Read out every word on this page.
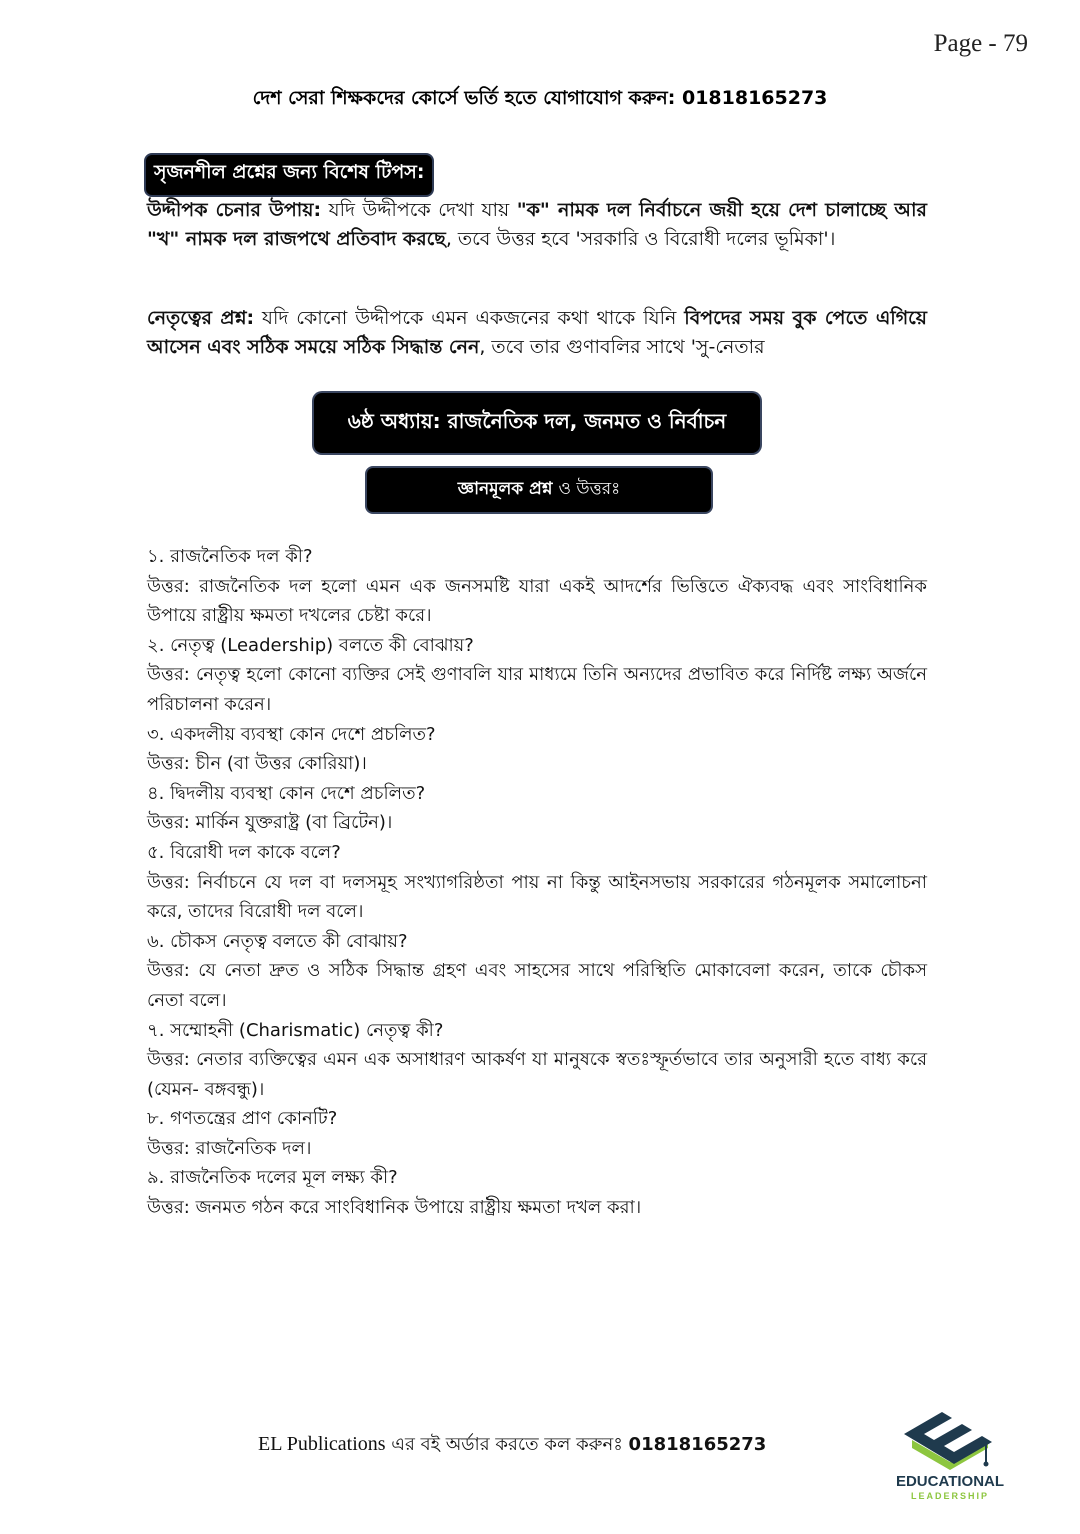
Page - 79
দেশ সেরা শিক্ষকদের কোর্সে ভর্তি হতে যোগাযোগ করুন: 01818165273
সৃজনশীল প্রশ্নের জন্য বিশেষ টিপস:
উদ্দীপক চেনার উপায়: যদি উদ্দীপকে দেখা যায় "ক" নামক দল নির্বাচনে জয়ী হয়ে দেশ চালাচ্ছে আর "খ" নামক দল রাজপথে প্রতিবাদ করছে, তবে উত্তর হবে 'সরকারি ও বিরোধী দলের ভূমিকা'।
নেতৃত্বের প্রশ্ন: যদি কোনো উদ্দীপকে এমন একজনের কথা থাকে যিনি বিপদের সময় বুক পেতে এগিয়ে আসেন এবং সঠিক সময়ে সঠিক সিদ্ধান্ত নেন, তবে তার গুণাবলির সাথে 'সু-নেতার
৬ষ্ঠ অধ্যায়: রাজনৈতিক দল, জনমত ও নির্বাচন
জ্ঞানমূলক প্রশ্ন ও উত্তরঃ
১. রাজনৈতিক দল কী?
উত্তর: রাজনৈতিক দল হলো এমন এক জনসমষ্টি যারা একই আদর্শের ভিত্তিতে ঐক্যবদ্ধ এবং সাংবিধানিক উপায়ে রাষ্ট্রীয় ক্ষমতা দখলের চেষ্টা করে।
২. নেতৃত্ব (Leadership) বলতে কী বোঝায়?
উত্তর: নেতৃত্ব হলো কোনো ব্যক্তির সেই গুণাবলি যার মাধ্যমে তিনি অন্যদের প্রভাবিত করে নির্দিষ্ট লক্ষ্য অর্জনে পরিচালনা করেন।
৩. একদলীয় ব্যবস্থা কোন দেশে প্রচলিত?
উত্তর: চীন (বা উত্তর কোরিয়া)।
৪. দ্বিদলীয় ব্যবস্থা কোন দেশে প্রচলিত?
উত্তর: মার্কিন যুক্তরাষ্ট্র (বা ব্রিটেন)।
৫. বিরোধী দল কাকে বলে?
উত্তর: নির্বাচনে যে দল বা দলসমূহ সংখ্যাগরিষ্ঠতা পায় না কিন্তু আইনসভায় সরকারের গঠনমূলক সমালোচনা করে, তাদের বিরোধী দল বলে।
৬. চৌকস নেতৃত্ব বলতে কী বোঝায়?
উত্তর: যে নেতা দ্রুত ও সঠিক সিদ্ধান্ত গ্রহণ এবং সাহসের সাথে পরিস্থিতি মোকাবেলা করেন, তাকে চৌকস নেতা বলে।
৭. সম্মোহনী (Charismatic) নেতৃত্ব কী?
উত্তর: নেতার ব্যক্তিত্বের এমন এক অসাধারণ আকর্ষণ যা মানুষকে স্বতঃস্ফূর্তভাবে তার অনুসারী হতে বাধ্য করে (যেমন- বঙ্গবন্ধু)।
৮. গণতন্ত্রের প্রাণ কোনটি?
উত্তর: রাজনৈতিক দল।
৯. রাজনৈতিক দলের মূল লক্ষ্য কী?
উত্তর: জনমত গঠন করে সাংবিধানিক উপায়ে রাষ্ট্রীয় ক্ষমতা দখল করা।
EL Publications এর বই অর্ডার করতে কল করুনঃ 01818165273
EDUCATIONAL
LEADERSHIP
